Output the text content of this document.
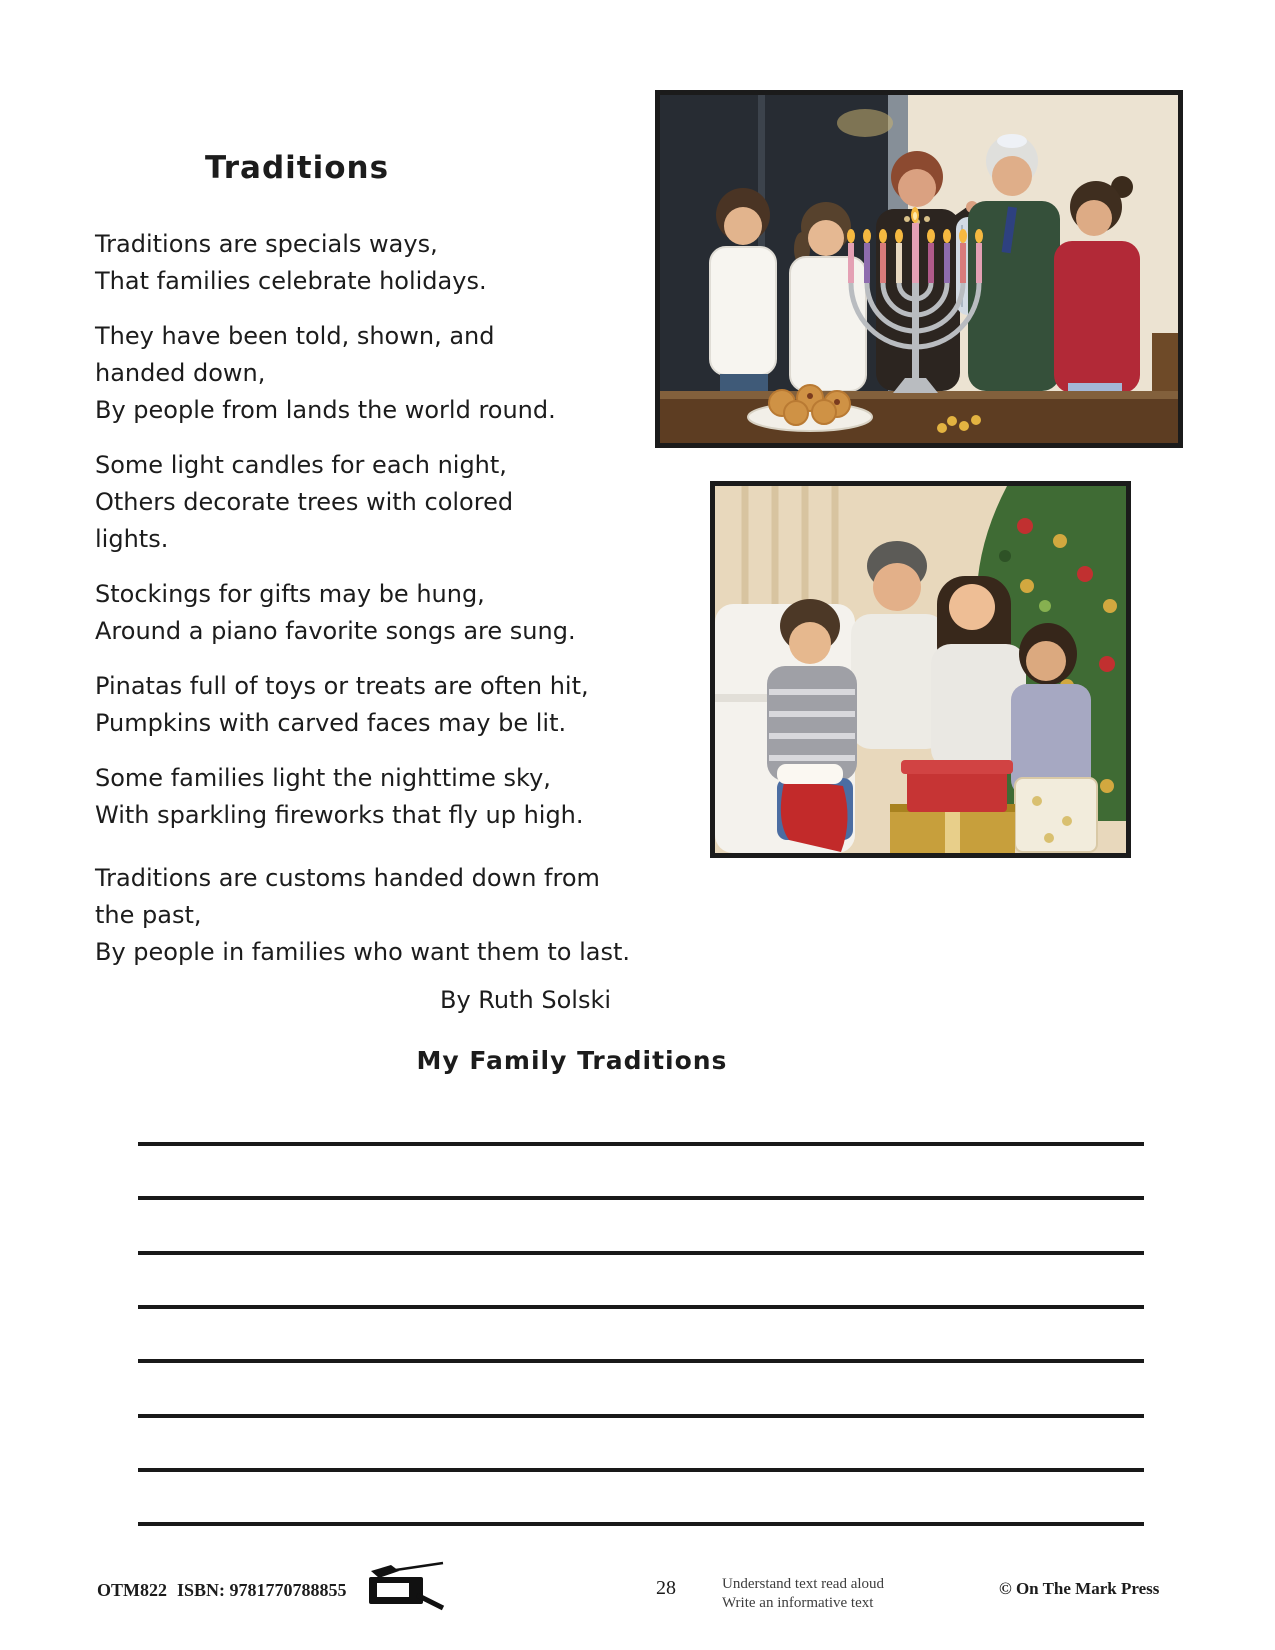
Traditions
Traditions are specials ways,
That families celebrate holidays.
They have been told, shown, and
handed down,
By people from lands the world round.
Some light candles for each night,
Others decorate trees with colored
lights.
Stockings for gifts may be hung,
Around a piano favorite songs are sung.
Pinatas full of toys or treats are often hit,
Pumpkins with carved faces may be lit.
Some families light the nighttime sky,
With sparkling fireworks that fly up high.
Traditions are customs handed down from
the past,
By people in families who want them to last.
By Ruth Solski
My Family Traditions
OTM822 ISBN: 9781770788855	28	Understand text read aloud
Write an informative text
© On The Mark Press
